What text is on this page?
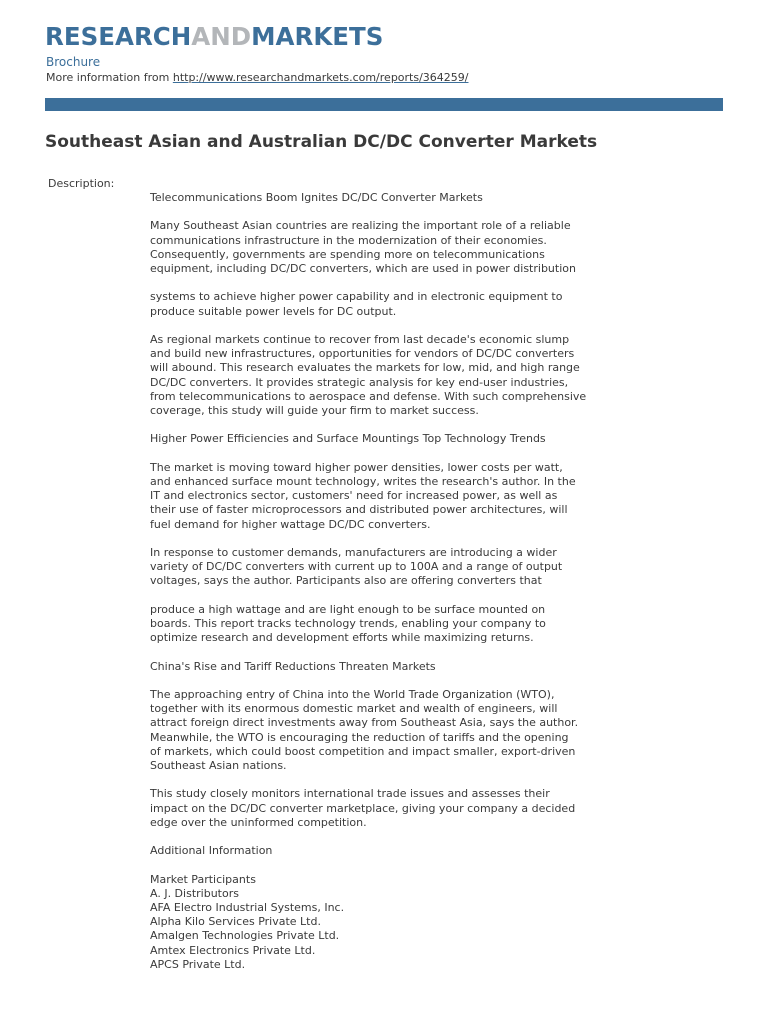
RESEARCHANDMARKETS
Brochure
More information from http://www.researchandmarkets.com/reports/364259/
Southeast Asian and Australian DC/DC Converter Markets
Description:
Telecommunications Boom Ignites DC/DC Converter Markets
Many Southeast Asian countries are realizing the important role of a reliable
communications infrastructure in the modernization of their economies.
Consequently, governments are spending more on telecommunications
equipment, including DC/DC converters, which are used in power distribution
systems to achieve higher power capability and in electronic equipment to
produce suitable power levels for DC output.
As regional markets continue to recover from last decade's economic slump
and build new infrastructures, opportunities for vendors of DC/DC converters
will abound. This research evaluates the markets for low, mid, and high range
DC/DC converters. It provides strategic analysis for key end-user industries,
from telecommunications to aerospace and defense. With such comprehensive
coverage, this study will guide your firm to market success.
Higher Power Efficiencies and Surface Mountings Top Technology Trends
The market is moving toward higher power densities, lower costs per watt,
and enhanced surface mount technology, writes the research's author. In the
IT and electronics sector, customers' need for increased power, as well as
their use of faster microprocessors and distributed power architectures, will
fuel demand for higher wattage DC/DC converters.
In response to customer demands, manufacturers are introducing a wider
variety of DC/DC converters with current up to 100A and a range of output
voltages, says the author. Participants also are offering converters that
produce a high wattage and are light enough to be surface mounted on
boards. This report tracks technology trends, enabling your company to
optimize research and development efforts while maximizing returns.
China's Rise and Tariff Reductions Threaten Markets
The approaching entry of China into the World Trade Organization (WTO),
together with its enormous domestic market and wealth of engineers, will
attract foreign direct investments away from Southeast Asia, says the author.
Meanwhile, the WTO is encouraging the reduction of tariffs and the opening
of markets, which could boost competition and impact smaller, export-driven
Southeast Asian nations.
This study closely monitors international trade issues and assesses their
impact on the DC/DC converter marketplace, giving your company a decided
edge over the uninformed competition.
Additional Information
Market Participants
A. J. Distributors
AFA Electro Industrial Systems, Inc.
Alpha Kilo Services Private Ltd.
Amalgen Technologies Private Ltd.
Amtex Electronics Private Ltd.
APCS Private Ltd.
